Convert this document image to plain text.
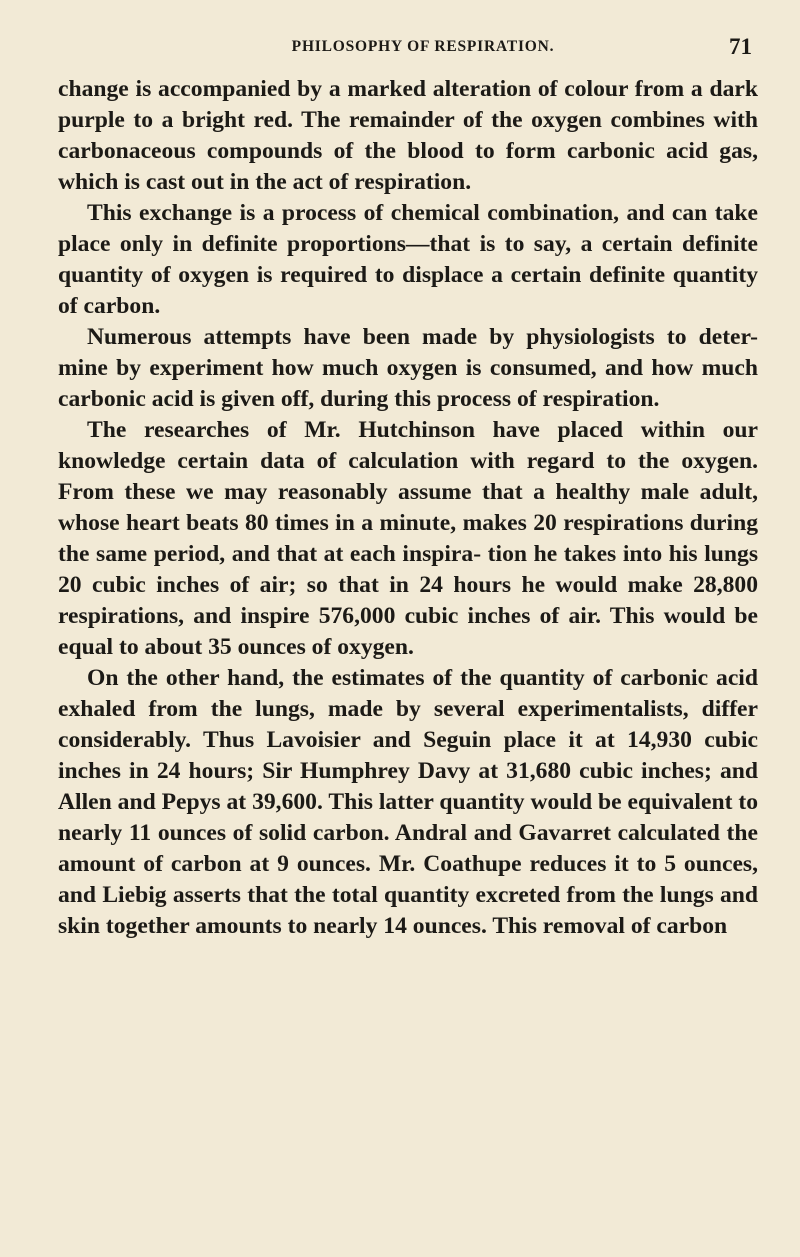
PHILOSOPHY OF RESPIRATION.	71

change is accompanied by a marked alteration of colour from a dark purple to a bright red. The remainder of the oxygen combines with carbonaceous compounds of the blood to form carbonic acid gas, which is cast out in the act of respiration.

This exchange is a process of chemical combination, and can take place only in definite proportions—that is to say, a certain definite quantity of oxygen is required to displace a certain definite quantity of carbon.

Numerous attempts have been made by physiologists to deter- mine by experiment how much oxygen is consumed, and how much carbonic acid is given off, during this process of respiration.

The researches of Mr. Hutchinson have placed within our knowledge certain data of calculation with regard to the oxygen. From these we may reasonably assume that a healthy male adult, whose heart beats 80 times in a minute, makes 20 respirations during the same period, and that at each inspira- tion he takes into his lungs 20 cubic inches of air; so that in 24 hours he would make 28,800 respirations, and inspire 576,000 cubic inches of air. This would be equal to about 35 ounces of oxygen.

On the other hand, the estimates of the quantity of carbonic acid exhaled from the lungs, made by several experimentalists, differ considerably. Thus Lavoisier and Seguin place it at 14,930 cubic inches in 24 hours; Sir Humphrey Davy at 31,680 cubic inches; and Allen and Pepys at 39,600. This latter quantity would be equivalent to nearly 11 ounces of solid carbon. Andral and Gavarret calculated the amount of carbon at 9 ounces. Mr. Coathupe reduces it to 5 ounces, and Liebig asserts that the total quantity excreted from the lungs and skin together amounts to nearly 14 ounces. This removal of carbon
